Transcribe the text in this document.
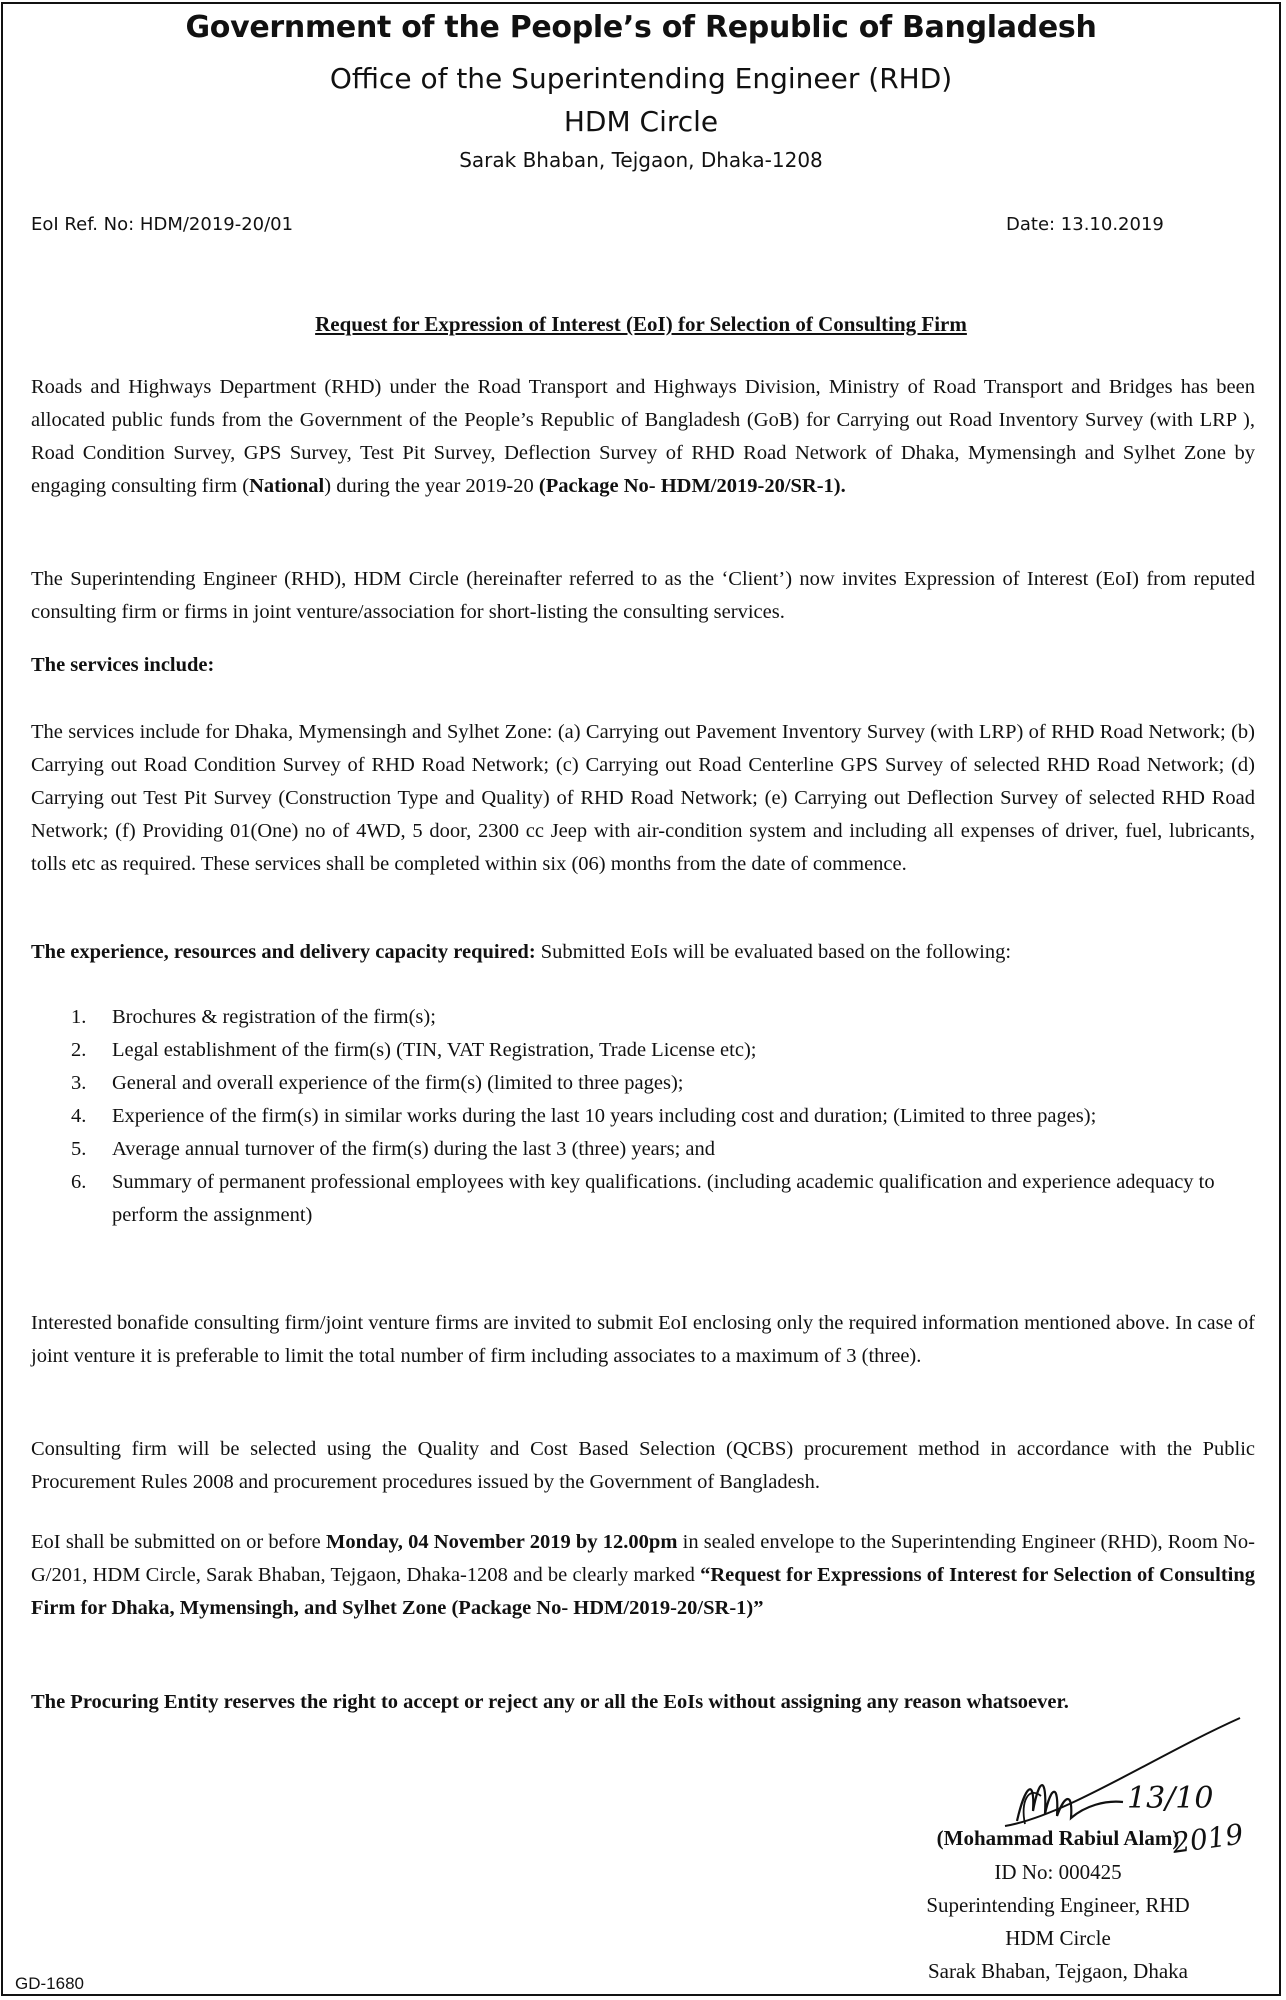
Government of the People’s of Republic of Bangladesh
Office of the Superintending Engineer (RHD)
HDM Circle
Sarak Bhaban, Tejgaon, Dhaka-1208
EoI Ref. No: HDM/2019-20/01	Date: 13.10.2019
Request for Expression of Interest (EoI) for Selection of Consulting Firm
Roads and Highways Department (RHD) under the Road Transport and Highways Division, Ministry of Road Transport and Bridges has been allocated public funds from the Government of the People’s Republic of Bangladesh (GoB) for Carrying out Road Inventory Survey (with LRP ), Road Condition Survey, GPS Survey, Test Pit Survey, Deflection Survey of RHD Road Network of Dhaka, Mymensingh and Sylhet Zone by engaging consulting firm (National) during the year 2019-20 (Package No- HDM/2019-20/SR-1).
The Superintending Engineer (RHD), HDM Circle (hereinafter referred to as the ‘Client’) now invites Expression of Interest (EoI) from reputed consulting firm or firms in joint venture/association for short-listing the consulting services.
The services include:
The services include for Dhaka, Mymensingh and Sylhet Zone: (a) Carrying out Pavement Inventory Survey (with LRP) of RHD Road Network; (b) Carrying out Road Condition Survey of RHD Road Network; (c) Carrying out Road Centerline GPS Survey of selected RHD Road Network; (d) Carrying out Test Pit Survey (Construction Type and Quality) of RHD Road Network; (e) Carrying out Deflection Survey of selected RHD Road Network; (f) Providing 01(One) no of 4WD, 5 door, 2300 cc Jeep with air-condition system and including all expenses of driver, fuel, lubricants, tolls etc as required. These services shall be completed within six (06) months from the date of commence.
The experience, resources and delivery capacity required: Submitted EoIs will be evaluated based on the following:
1. Brochures & registration of the firm(s);
2. Legal establishment of the firm(s) (TIN, VAT Registration, Trade License etc);
3. General and overall experience of the firm(s) (limited to three pages);
4. Experience of the firm(s) in similar works during the last 10 years including cost and duration; (Limited to three pages);
5. Average annual turnover of the firm(s) during the last 3 (three) years; and
6. Summary of permanent professional employees with key qualifications. (including academic qualification and experience adequacy to perform the assignment)
Interested bonafide consulting firm/joint venture firms are invited to submit EoI enclosing only the required information mentioned above. In case of joint venture it is preferable to limit the total number of firm including associates to a maximum of 3 (three).
Consulting firm will be selected using the Quality and Cost Based Selection (QCBS) procurement method in accordance with the Public Procurement Rules 2008 and procurement procedures issued by the Government of Bangladesh.
EoI shall be submitted on or before Monday, 04 November 2019 by 12.00pm in sealed envelope to the Superintending Engineer (RHD), Room No-G/201, HDM Circle, Sarak Bhaban, Tejgaon, Dhaka-1208 and be clearly marked “Request for Expressions of Interest for Selection of Consulting Firm for Dhaka, Mymensingh, and Sylhet Zone (Package No- HDM/2019-20/SR-1)”
The Procuring Entity reserves the right to accept or reject any or all the EoIs without assigning any reason whatsoever.
13/10
2019
(Mohammad Rabiul Alam)
ID No: 000425
Superintending Engineer, RHD
HDM Circle
Sarak Bhaban, Tejgaon, Dhaka
GD-1680
